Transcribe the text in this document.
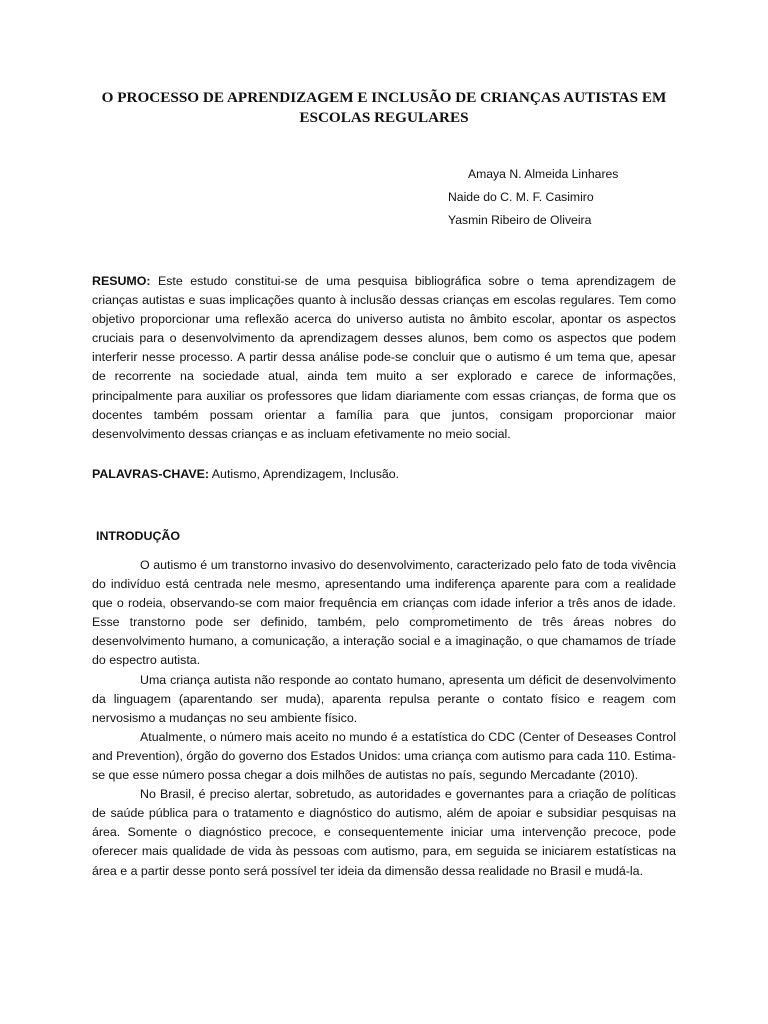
O PROCESSO DE APRENDIZAGEM E INCLUSÃO DE CRIANÇAS AUTISTAS EM ESCOLAS REGULARES
Amaya N. Almeida Linhares
Naide do C. M. F. Casimiro
Yasmin Ribeiro de Oliveira

RESUMO: Este estudo constitui-se de uma pesquisa bibliográfica sobre o tema aprendizagem de crianças autistas e suas implicações quanto à inclusão dessas crianças em escolas regulares. Tem como objetivo proporcionar uma reflexão acerca do universo autista no âmbito escolar, apontar os aspectos cruciais para o desenvolvimento da aprendizagem desses alunos, bem como os aspectos que podem interferir nesse processo. A partir dessa análise pode-se concluir que o autismo é um tema que, apesar de recorrente na sociedade atual, ainda tem muito a ser explorado e carece de informações, principalmente para auxiliar os professores que lidam diariamente com essas crianças, de forma que os docentes também possam orientar a família para que juntos, consigam proporcionar maior desenvolvimento dessas crianças e as incluam efetivamente no meio social.

PALAVRAS-CHAVE: Autismo, Aprendizagem, Inclusão.

INTRODUÇÃO

O autismo é um transtorno invasivo do desenvolvimento, caracterizado pelo fato de toda vivência do indivíduo está centrada nele mesmo, apresentando uma indiferença aparente para com a realidade que o rodeia, observando-se com maior frequência em crianças com idade inferior a três anos de idade. Esse transtorno pode ser definido, também, pelo comprometimento de três áreas nobres do desenvolvimento humano, a comunicação, a interação social e a imaginação, o que chamamos de tríade do espectro autista.

Uma criança autista não responde ao contato humano, apresenta um déficit de desenvolvimento da linguagem (aparentando ser muda), aparenta repulsa perante o contato físico e reagem com nervosismo a mudanças no seu ambiente físico.

Atualmente, o número mais aceito no mundo é a estatística do CDC (Center of Deseases Control and Prevention), órgão do governo dos Estados Unidos: uma criança com autismo para cada 110. Estima-se que esse número possa chegar a dois milhões de autistas no país, segundo Mercadante (2010).

No Brasil, é preciso alertar, sobretudo, as autoridades e governantes para a criação de políticas de saúde pública para o tratamento e diagnóstico do autismo, além de apoiar e subsidiar pesquisas na área. Somente o diagnóstico precoce, e consequentemente iniciar uma intervenção precoce, pode oferecer mais qualidade de vida às pessoas com autismo, para, em seguida se iniciarem estatísticas na área e a partir desse ponto será possível ter ideia da dimensão dessa realidade no Brasil e mudá-la.
